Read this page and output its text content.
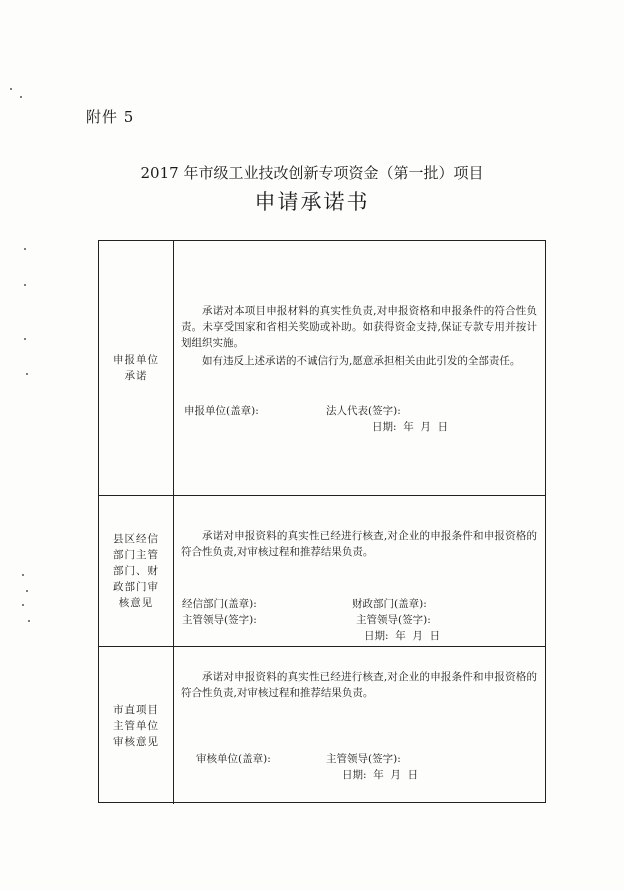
附件 5
2017 年市级工业技改创新专项资金（第一批）项目
申请承诺书
申报单位承诺
承诺对本项目申报材料的真实性负责,对申报资格和申报条件的符合性负责。未享受国家和省相关奖励或补助。如获得资金支持,保证专款专用并按计划组织实施。
如有违反上述承诺的不诚信行为,愿意承担相关由此引发的全部责任。
申报单位(盖章):	法人代表(签字):
日期:  年  月  日
县区经信部门主管部门、财政部门审核意见
承诺对申报资料的真实性已经进行核查,对企业的申报条件和申报资格的符合性负责,对审核过程和推荐结果负责。
经信部门(盖章):	财政部门(盖章):
主管领导(签字):	主管领导(签字):
日期:  年  月  日
市直项目主管单位审核意见
承诺对申报资料的真实性已经进行核查,对企业的申报条件和申报资格的符合性负责,对审核过程和推荐结果负责。
审核单位(盖章):	主管领导(签字):
日期:  年  月  日
